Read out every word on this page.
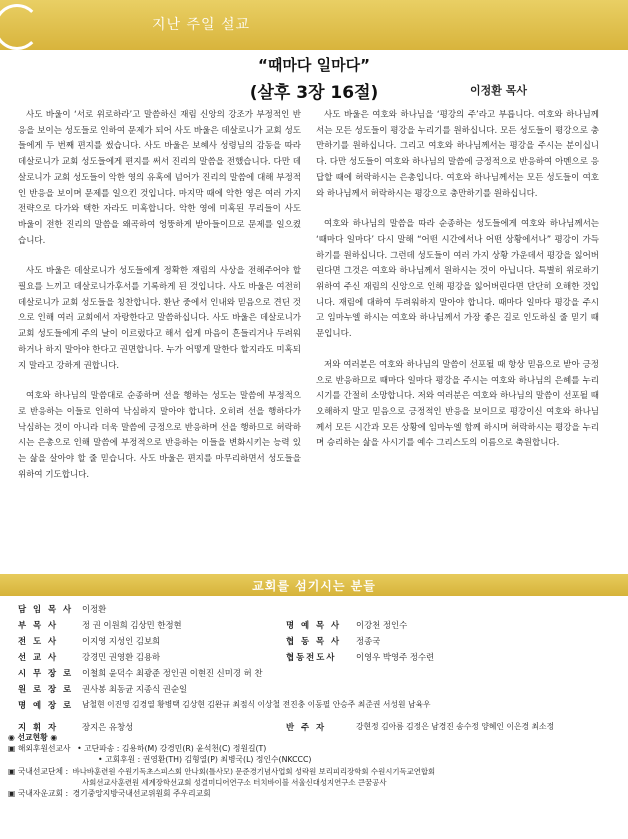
지난 주일 설교
“때마다 일마다”
(살후 3장 16절)	이정환 목사

사도 바울이 ‘서로 위로하라’고 말씀하신 재림 신앙의 강조가 부정적인 반응을 보이는 성도들로 인하여 문제가 되어 사도 바울은 데살로니가 교회 성도들에게 두 번째 편지를 썼습니다. 사도 바울은 보혜사 성령님의 감동을 따라 데살로니가 교회 성도들에게 편지를 써서 진리의 말씀을 전했습니다. 다만 데살로니가 교회 성도들이 악한 영의 유혹에 넘어가 진리의 말씀에 대해 부정적인 반응을 보이며 문제를 일으킨 것입니다. 마지막 때에 악한 영은 여러 가지 전략으로 다가와 택한 자라도 미혹합니다. 악한 영에 미혹된 무리들이 사도 바울이 전한 진리의 말씀을 왜곡하여 엉뚱하게 받아들이므로 문제를 일으켰습니다.

사도 바울은 데살로니가 성도들에게 정확한 재림의 사상을 전해주어야 할 필요를 느끼고 데살로니가후서를 기록하게 된 것입니다. 사도 바울은 여전히 데살로니가 교회 성도들을 칭찬합니다. 환난 중에서 인내와 믿음으로 견딘 것으로 인해 여러 교회에서 자랑한다고 말씀하십니다. 사도 바울은 데살로니가 교회 성도들에게 주의 날이 이르렀다고 해서 쉽게 마음이 흔들리거나 두려워하거나 하지 말아야 한다고 권면합니다. 누가 어떻게 말한다 할지라도 미혹되지 말라고 강하게 권합니다.

여호와 하나님의 말씀대로 순종하며 선을 행하는 성도는 말씀에 부정적으로 반응하는 이들로 인하여 낙심하지 말아야 합니다. 오히려 선을 행하다가 낙심하는 것이 아니라 더욱 말씀에 긍정으로 반응하며 선을 행하므로 허락하시는 은총으로 인해 말씀에 부정적으로 반응하는 이들을 변화시키는 능력 있는 삶을 살아야 할 줄 믿습니다. 사도 바울은 편지를 마무리하면서 성도들을 위하여 기도합니다.

사도 바울은 여호와 하나님을 ‘평강의 주’라고 부릅니다. 여호와 하나님께서는 모든 성도들이 평강을 누리기를 원하십니다. 모든 성도들이 평강으로 충만하기를 원하십니다. 그리고 여호와 하나님께서는 평강을 주시는 분이십니다. 다만 성도들이 여호와 하나님의 말씀에 긍정적으로 반응하여 아멘으로 응답할 때에 허락하시는 은총입니다. 여호와 하나님께서는 모든 성도들이 여호와 하나님께서 허락하시는 평강으로 충만하기를 원하십니다.

여호와 하나님의 말씀을 따라 순종하는 성도들에게 여호와 하나님께서는 ‘때마다 일마다’ 다시 말해 “어떤 시간에서나 어떤 상황에서나” 평강이 가득하기를 원하십니다. 그런데 성도들이 여러 가지 상황 가운데서 평강을 잃어버린다면 그것은 여호와 하나님께서 원하시는 것이 아닙니다. 특별히 위로하기 위하여 주신 재림의 신앙으로 인해 평강을 잃어버린다면 단단히 오해한 것입니다. 재림에 대하여 두려워하지 말아야 합니다. 때마다 일마다 평강을 주시고 임마누엘 하시는 여호와 하나님께서 가장 좋은 길로 인도하실 줄 믿기 때문입니다.

저와 여러분은 여호와 하나님의 말씀이 선포될 때 항상 믿음으로 받아 긍정으로 반응하므로 때마다 일마다 평강을 주시는 여호와 하나님의 은혜를 누리시기를 간절히 소망합니다. 저와 여러분은 여호와 하나님의 말씀이 선포될 때 오해하지 말고 믿음으로 긍정적인 반응을 보이므로 평강이신 여호와 하나님께서 모든 시간과 모든 상황에 임마누엘 함께 하시며 허락하시는 평강을 누리며 승리하는 삶을 사시기를 예수 그리스도의 이름으로 축원합니다.

교회를 섬기시는 분들
담 임 목 사	이정환
부 목 사	정 권 이원희 김상민 한정현	명 예 목 사	이강천 정인수
전 도 사	이지영 지성인 김보희	협 동 목 사	정종국
선 교 사	강경민 권영환 김용하	협동전도사	이영우 박영주 정수련
시 무 장 로	이철희 윤덕수 최광준 정인권 이현진 신미경 허 찬
원 로 장 로	권사봉 최동균 지종식 권순일
명 예 장 로	남철현 이진영 김경열 황병택 김상현 김완규 최점식 이상철 전진충 이동필 안승주 최준권 서성원 남육우
지 휘 자	장지은 유창성	반 주 자	강현정 김아름 김정은 남경진 송수정 양혜인 이은경 최소정
◉ 선교현황 ◉
▣ 해외후원선교사 • 고단파송 : 김용하(M) 강경민(R) 윤석천(C) 정원길(T)
• 고회후원 : 권영환(TH) 김형열(P) 최병국(L) 정인수(NKCCC)
▣ 국내선교단체 : 바나바훈련원 수원기독초스피스회 안나회(틀사모) 문준경기념사업회 성락원 보리피리장학회 수원시기독교연합회
사회선교사훈련원 세계장학선교회 성결미디어연구소 터치바이블 서울신대성지연구소 큰꿈공사
▣ 국내자운교회 : 경기중앙지방국내선교위원회 주우리교회
